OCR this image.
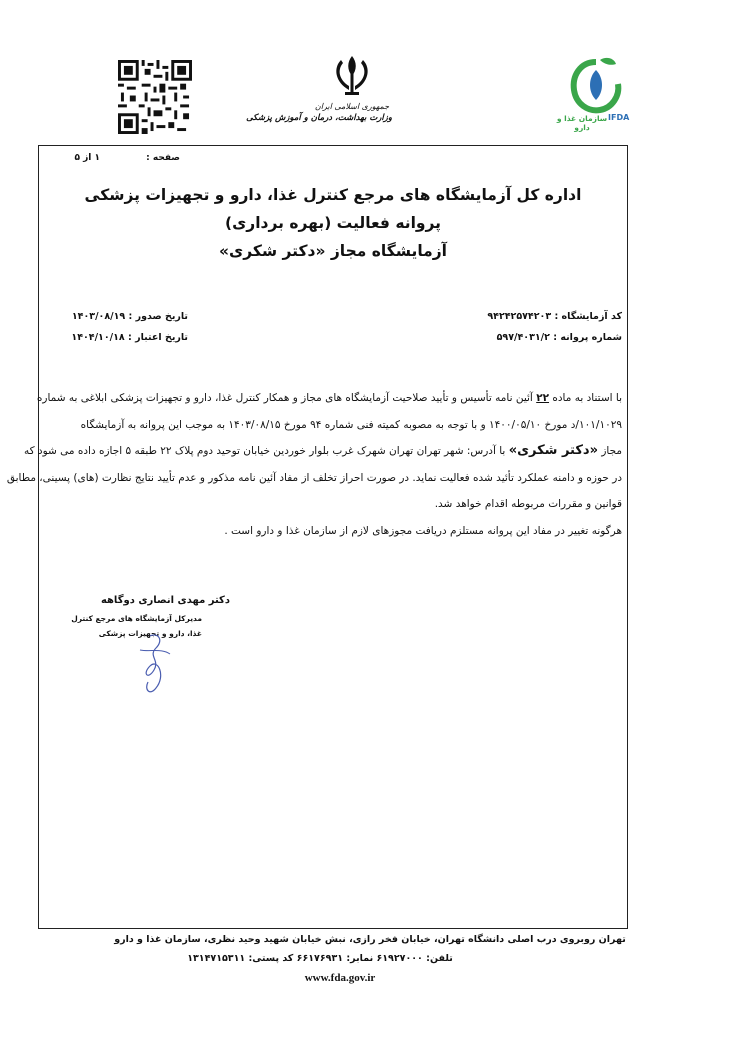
جمهوری اسلامی ایران
وزارت بهداشت، درمان و آموزش پزشکی	سازمان غذا و دارو
IFDA
صفحه :
۱ از ۵
اداره کل آزمایشگاه های مرجع کنترل غذا، دارو و تجهیزات پزشکی
پروانه فعالیت (بهره برداری)
آزمایشگاه مجاز «دکتر شکری»
کد آزمایشگاه : ۹۴۲۴۲۵۷۴۲۰۳
شماره پروانه : ۵۹۷/۴۰۳۱/۲
تاریخ صدور : ۱۴۰۳/۰۸/۱۹
تاریخ اعتبار : ۱۴۰۴/۱۰/۱۸
با استناد به ماده ۲۲ آئین نامه تأسیس و تأیید صلاحیت آزمایشگاه های مجاز و همکار کنترل غذا، دارو و تجهیزات پزشکی ابلاغی به شماره
۱۰۱/۱۰۲۹/د مورخ ۱۴۰۰/۰۵/۱۰ و با توجه به مصوبه کمیته فنی شماره ۹۴ مورخ ۱۴۰۳/۰۸/۱۵ به موجب این پروانه به آزمایشگاه
مجاز «دکتر شکری» با آدرس: شهر تهران تهران شهرک غرب بلوار خوردین خیابان توحید دوم پلاک ۲۲ طبقه ۵ اجازه داده می شود که
در حوزه و دامنه عملکرد تأئید شده فعالیت نماید. در صورت احراز تخلف از مفاد آئین نامه مذکور و عدم تأیید نتایج نظارت (های) پسینی، مطابق
قوانین و مقررات مربوطه اقدام خواهد شد.
هرگونه تغییر در مفاد این پروانه مستلزم دریافت مجوزهای لازم از سازمان غذا و دارو است .
دکتر مهدی انصاری دوگاهه
مدیرکل آزمایشگاه های مرجع کنترل
غذا، دارو و تجهیزات پزشکی
تهران روبروی درب اصلی دانشگاه تهران، خیابان فخر رازی، نبش خیابان شهید وحید نظری، سازمان غذا و دارو
تلفن: ۶۱۹۲۷۰۰۰ نمابر: ۶۶۱۷۶۹۳۱ کد پستی: ۱۳۱۴۷۱۵۳۱۱
www.fda.gov.ir
